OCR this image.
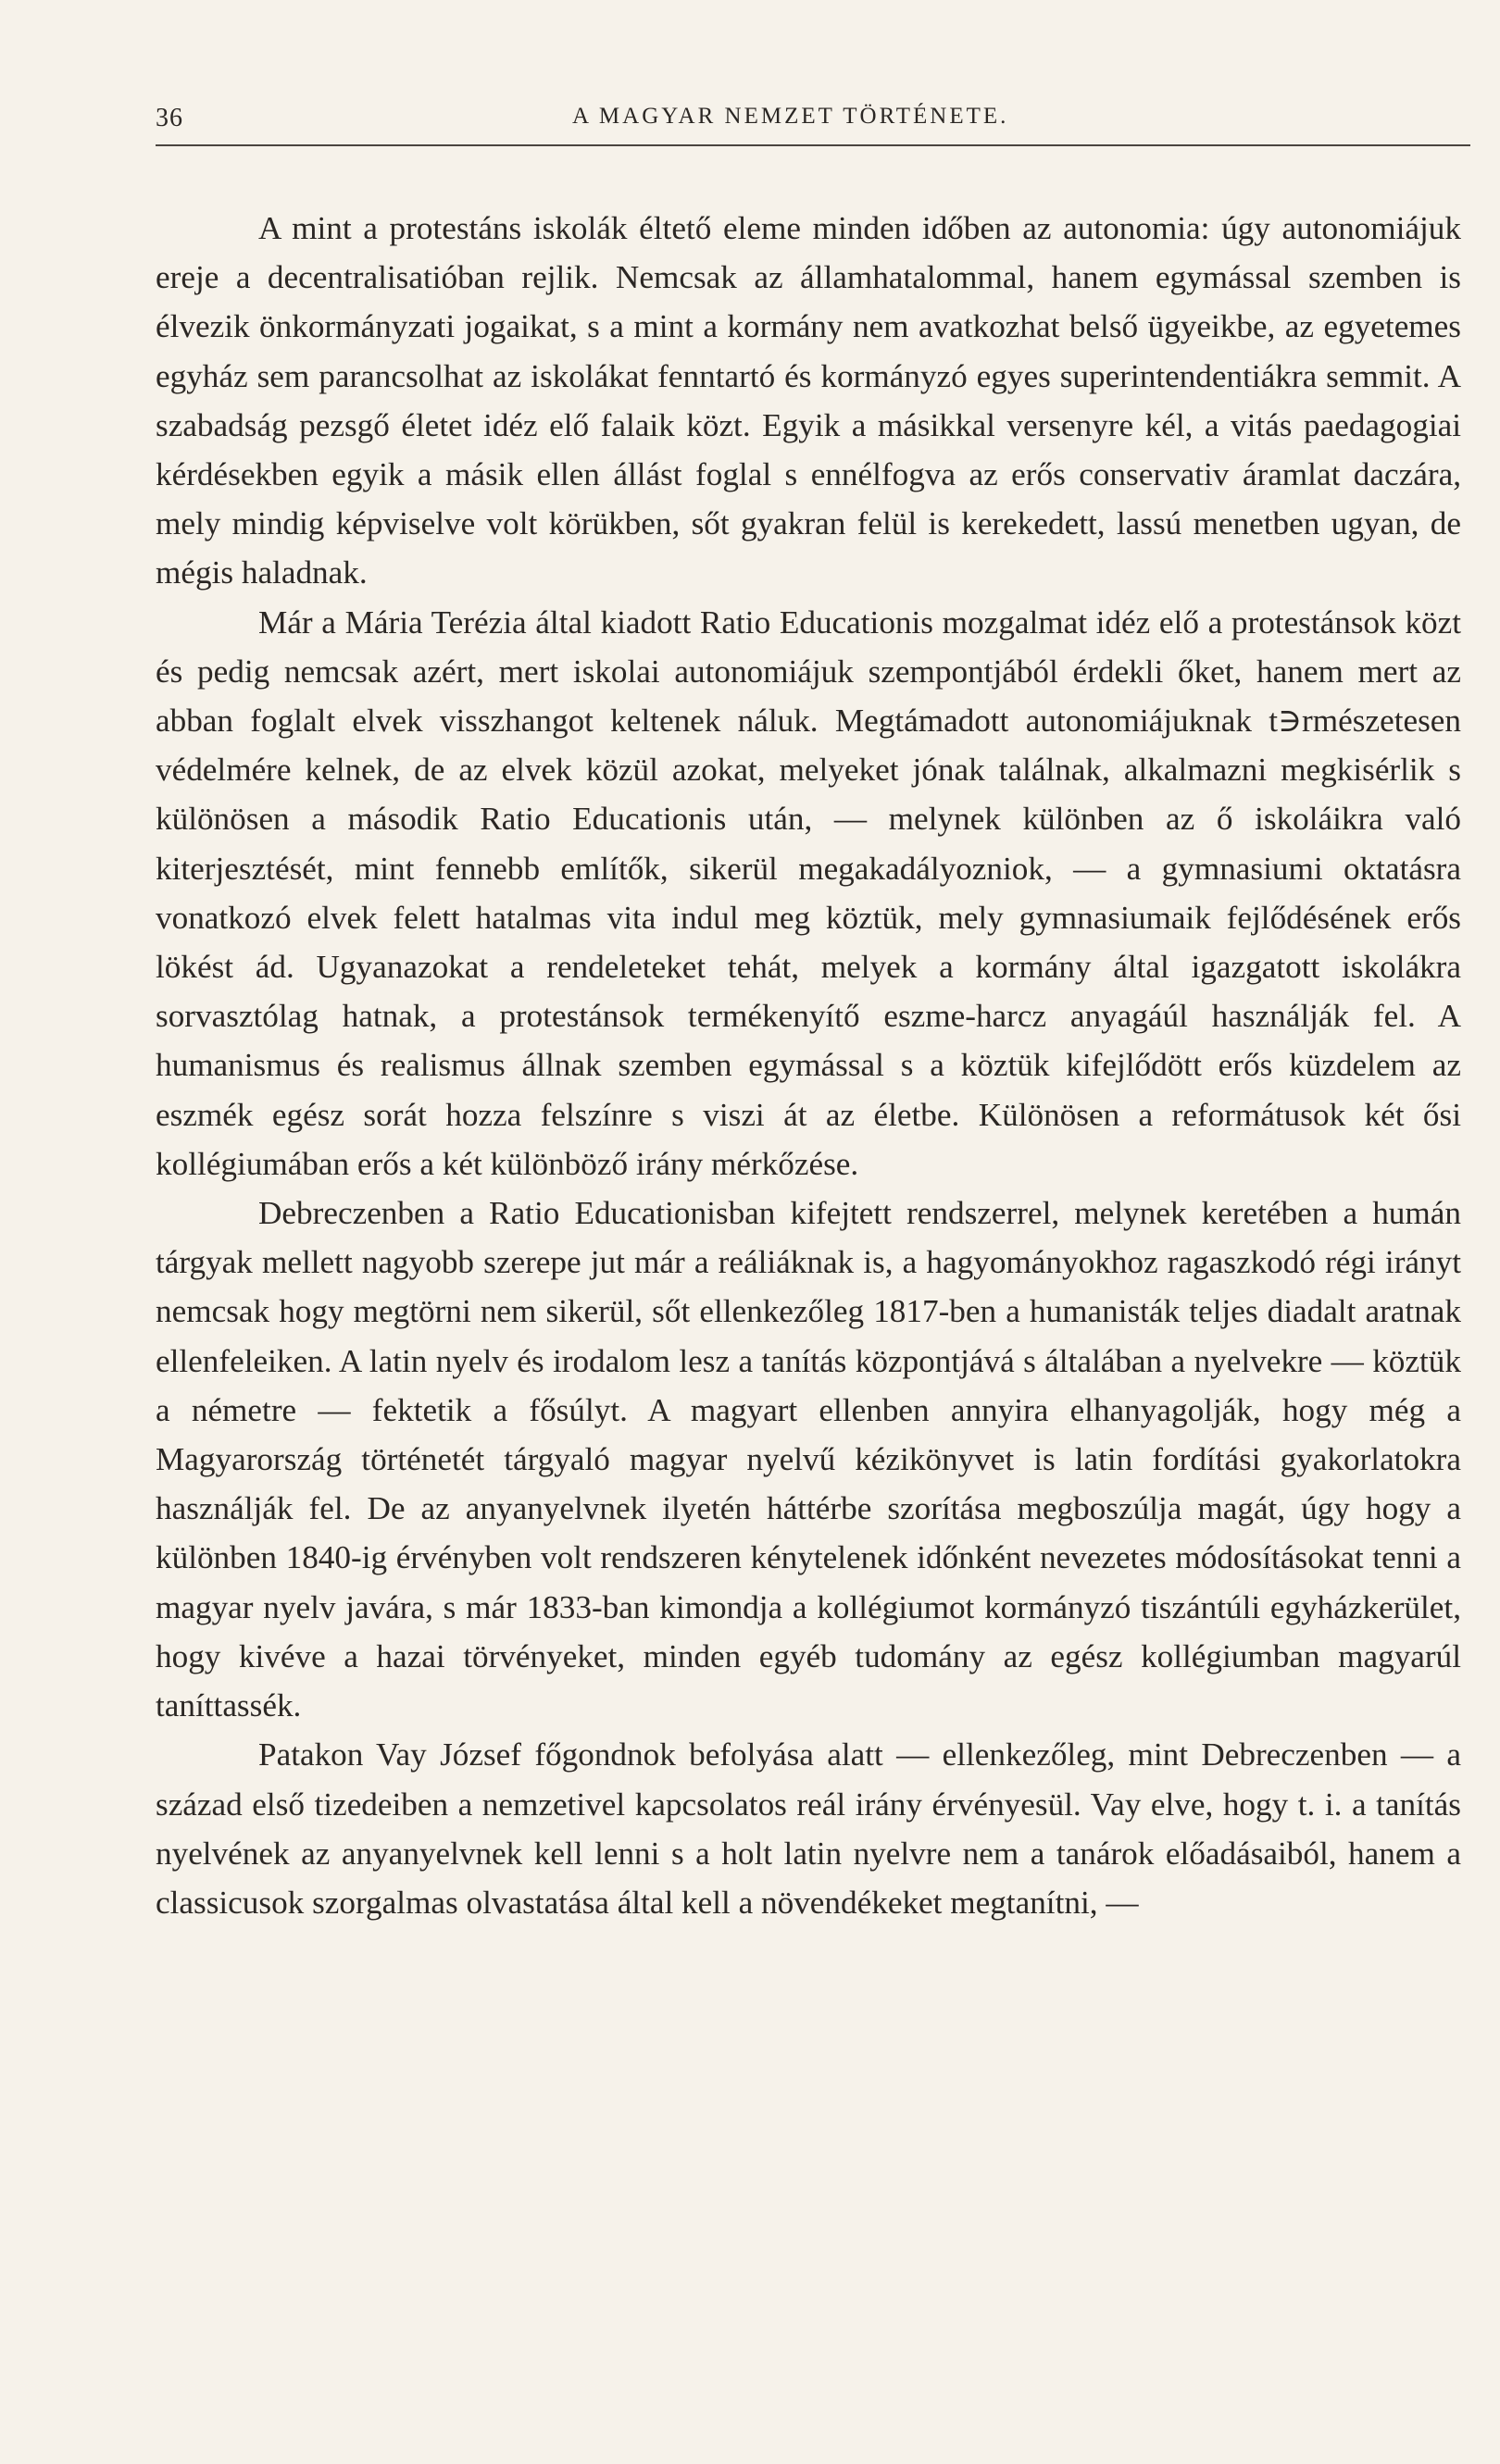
36	A MAGYAR NEMZET TÖRTÉNETE.

A mint a protestáns iskolák éltető eleme minden időben az autonomia: úgy autonomiájuk ereje a decentralisatióban rejlik. Nemcsak az államhatalommal, hanem egymással szemben is élvezik önkormányzati jogaikat, s a mint a kormány nem avatkozhat belső ügyeikbe, az egyetemes egyház sem parancsolhat az iskolákat fenntartó és kormányzó egyes superintendentiákra semmit. A szabadság pezsgő életet idéz elő falaik közt. Egyik a másikkal versenyre kél, a vitás paedagogiai kérdésekben egyik a másik ellen állást foglal s ennélfogva az erős conservativ áramlat daczára, mely mindig képviselve volt körükben, sőt gyakran felül is kerekedett, lassú menetben ugyan, de mégis haladnak.

Már a Mária Terézia által kiadott Ratio Educationis mozgalmat idéz elő a protestánsok közt és pedig nemcsak azért, mert iskolai autonomiájuk szempontjából érdekli őket, hanem mert az abban foglalt elvek visszhangot keltenek náluk. Megtámadott autonomiájuknak t∋rmészetesen védelmére kelnek, de az elvek közül azokat, melyeket jónak találnak, alkalmazni megkisérlik s különösen a második Ratio Educationis után, — melynek különben az ő iskoláikra való kiterjesztését, mint fennebb említők, sikerül megakadályozniok, — a gymnasiumi oktatásra vonatkozó elvek felett hatalmas vita indul meg köztük, mely gymnasiumaik fejlődésének erős lökést ád. Ugyanazokat a rendeleteket tehát, melyek a kormány által igazgatott iskolákra sorvasztólag hatnak, a protestánsok termékenyítő eszme-harcz anyagáúl használják fel. A humanismus és realismus állnak szemben egymással s a köztük kifejlődött erős küzdelem az eszmék egész sorát hozza felszínre s viszi át az életbe. Különösen a reformátusok két ősi kollégiumában erős a két különböző irány mérkőzése.

Debreczenben a Ratio Educationisban kifejtett rendszerrel, melynek keretében a humán tárgyak mellett nagyobb szerepe jut már a reáliáknak is, a hagyományokhoz ragaszkodó régi irányt nemcsak hogy megtörni nem sikerül, sőt ellenkezőleg 1817-ben a humanisták teljes diadalt aratnak ellenfeleiken. A latin nyelv és irodalom lesz a tanítás központjává s általában a nyelvekre — köztük a németre — fektetik a fősúlyt. A magyart ellenben annyira elhanyagolják, hogy még a Magyarország történetét tárgyaló magyar nyelvű kézikönyvet is latin fordítási gyakorlatokra használják fel. De az anyanyelvnek ilyetén háttérbe szorítása megboszúlja magát, úgy hogy a különben 1840-ig érvényben volt rendszeren kénytelenek időnként nevezetes módosításokat tenni a magyar nyelv javára, s már 1833-ban kimondja a kollégiumot kormányzó tiszántúli egyházkerület, hogy kivéve a hazai törvényeket, minden egyéb tudomány az egész kollégiumban magyarúl taníttassék.

Patakon Vay József főgondnok befolyása alatt — ellenkezőleg, mint Debreczenben — a század első tizedeiben a nemzetivel kapcsolatos reál irány érvényesül. Vay elve, hogy t. i. a tanítás nyelvének az anyanyelvnek kell lenni s a holt latin nyelvre nem a tanárok előadásaiból, hanem a classicusok szorgalmas olvastatása által kell a növendékeket megtanítni, —
